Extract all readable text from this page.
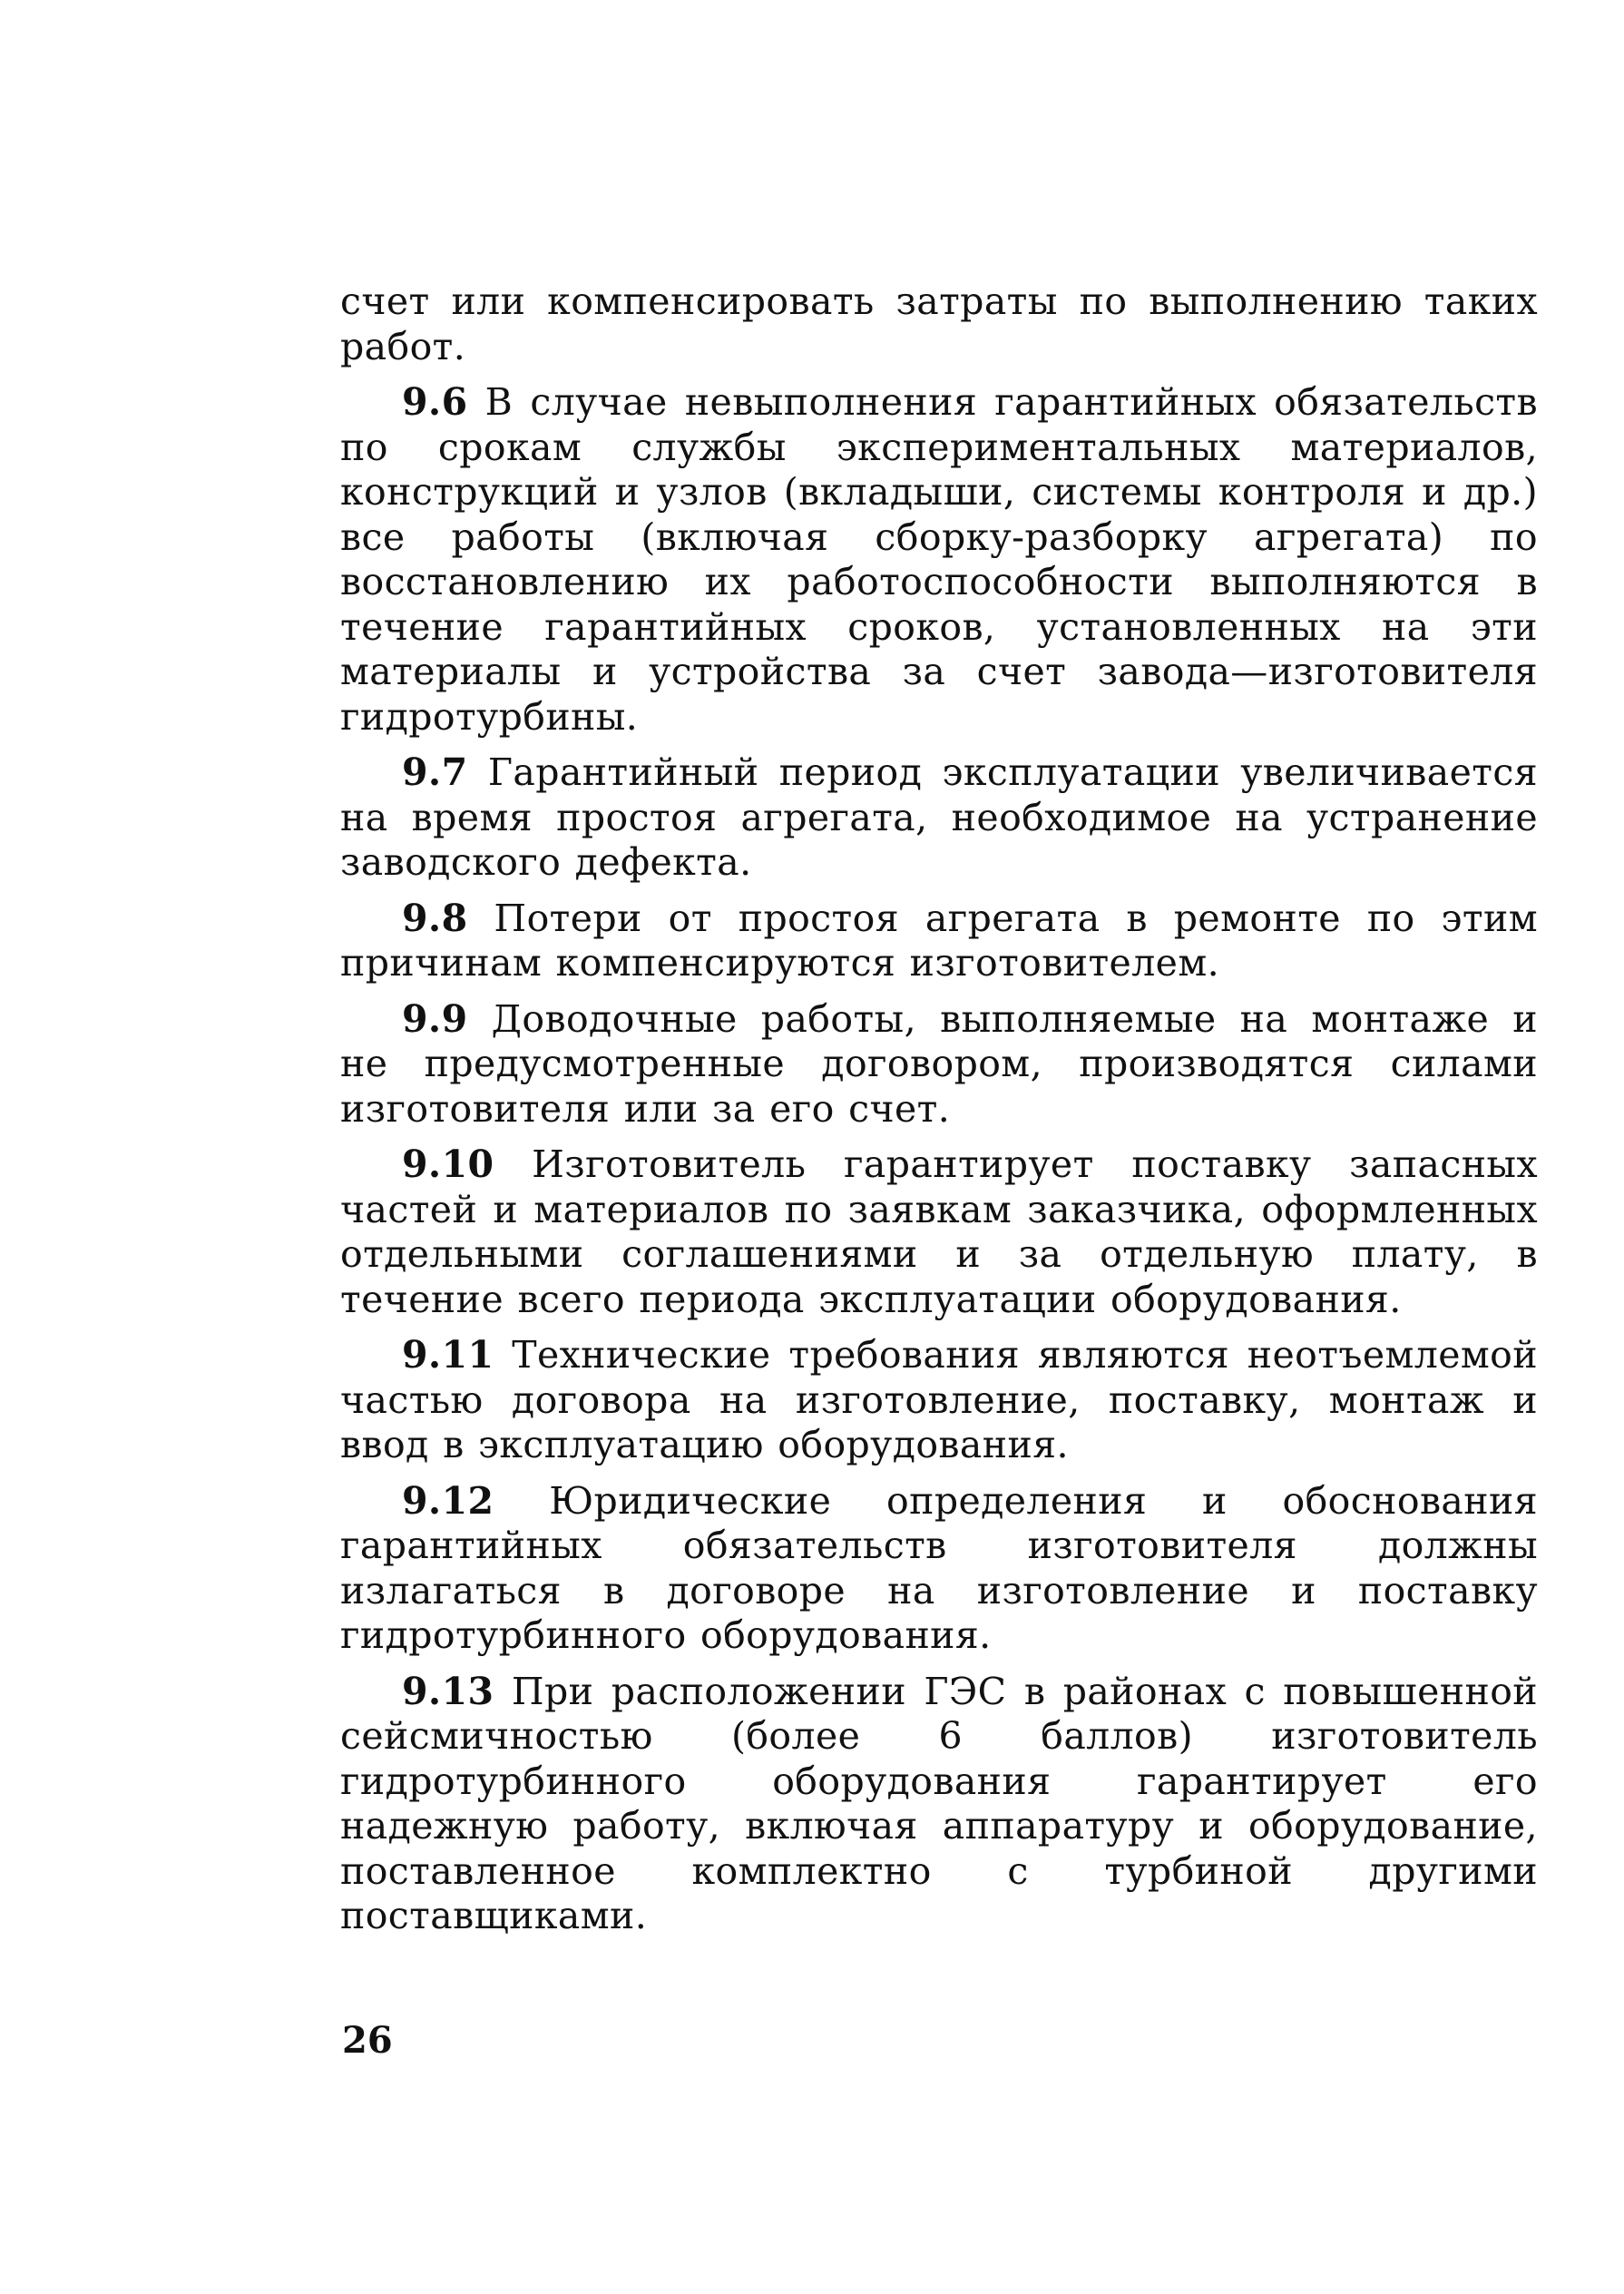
счет или компенсировать затраты по выполнению таких работ.

9.6 В случае невыполнения гарантийных обязательств по срокам службы экспериментальных материалов, конструкций и узлов (вкладыши, системы контроля и др.) все работы (включая сборку-разборку агрегата) по восстановлению их работоспособности выполняются в течение гарантийных сроков, установленных на эти материалы и устройства за счет завода—изготовителя гидротурбины.

9.7 Гарантийный период эксплуатации увеличивается на время простоя агрегата, необходимое на устранение заводского дефекта.

9.8 Потери от простоя агрегата в ремонте по этим причинам компенсируются изготовителем.

9.9 Доводочные работы, выполняемые на монтаже и не предусмотренные договором, производятся силами изготовителя или за его счет.

9.10 Изготовитель гарантирует поставку запасных частей и материалов по заявкам заказчика, оформленных отдельными соглашениями и за отдельную плату, в течение всего периода эксплуатации оборудования.

9.11 Технические требования являются неотъемлемой частью договора на изготовление, поставку, монтаж и ввод в эксплуатацию оборудования.

9.12 Юридические определения и обоснования гарантийных обязательств изготовителя должны излагаться в договоре на изготовление и поставку гидротурбинного оборудования.

9.13 При расположении ГЭС в районах с повышенной сейсмичностью (более 6 баллов) изготовитель гидротурбинного оборудования гарантирует его надежную работу, включая аппаратуру и оборудование, поставленное комплектно с турбиной другими поставщиками.

26
